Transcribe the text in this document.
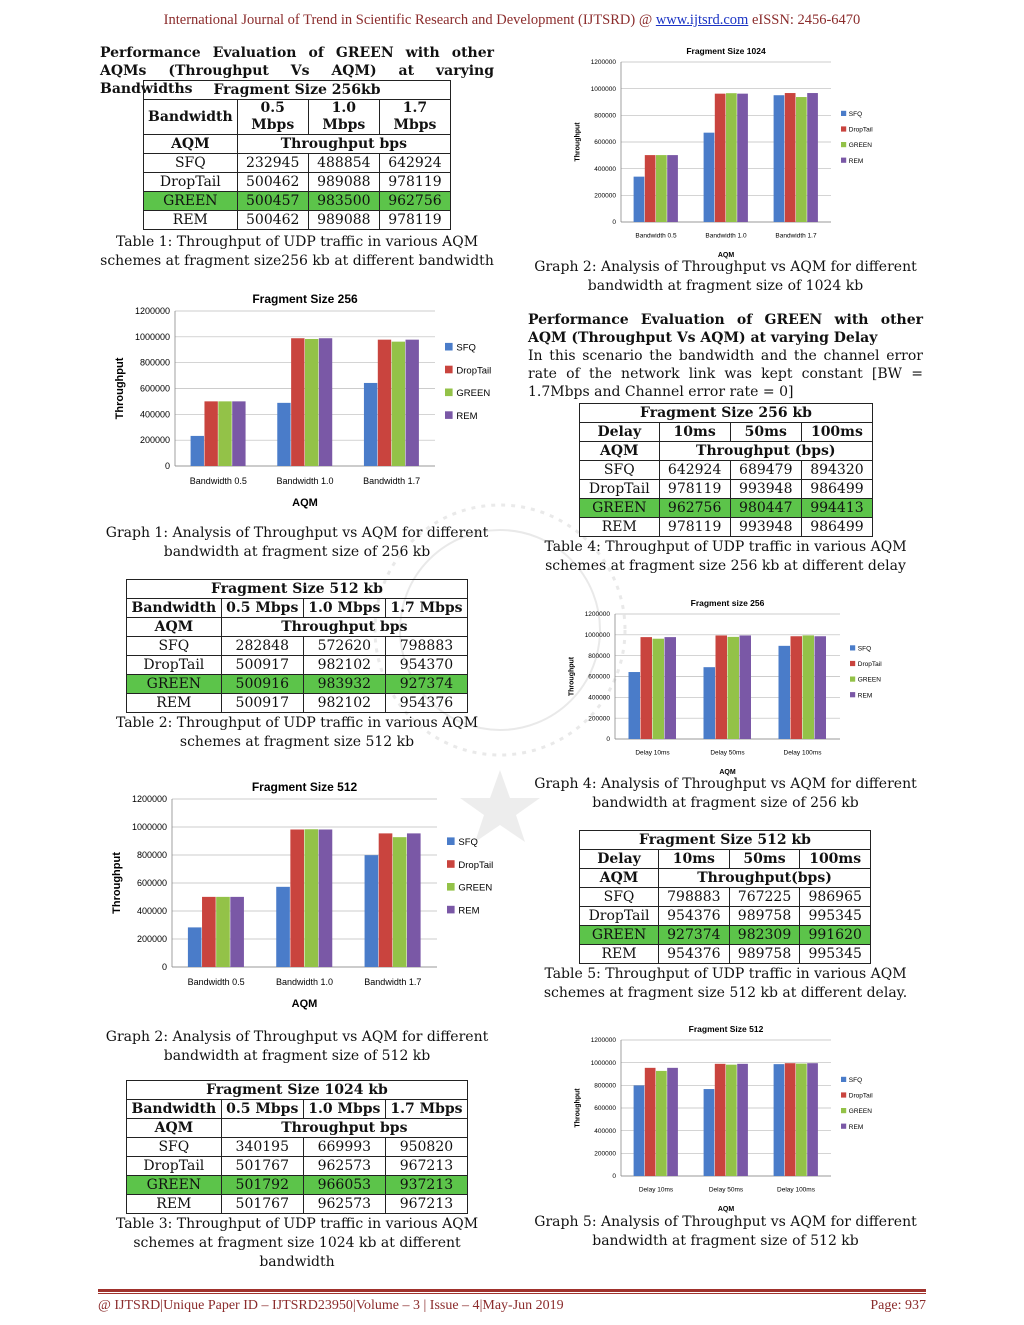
International Journal of Trend in Scientific Research and Development (IJTSRD) @ www.ijtsrd.com eISSN: 2456-6470
Performance Evaluation of GREEN with other AQMs (Throughput Vs AQM) at varying Bandwidths	Fragment Size 256kb			
Bandwidth	0.5 Mbps	1.0 Mbps	1.7 Mbps
AQM	Throughput bps		
SFQ	232945	488854	642924
DropTail	500462	989088	978119
GREEN	500457	983500	962756
REM	500462	989088	978119
Table 1: Throughput of UDP traffic in various AQM schemes at fragment size256 kb at different bandwidth
Fragment Size 256
0
200000
400000
600000
800000
1000000
1200000
Bandwidth 0.5	Bandwidth 1.0	Bandwidth 1.7
AQM
Throughput
SFQ
DropTail
GREEN
REM
Graph 1: Analysis of Throughput vs AQM for different bandwidth at fragment size of 256 kb
Fragment Size 512 kb			
Bandwidth	0.5 Mbps	1.0 Mbps	1.7 Mbps
AQM	Throughput bps		
SFQ	282848	572620	798883
DropTail	500917	982102	954370
GREEN	500916	983932	927374
REM	500917	982102	954376
Table 2: Throughput of UDP traffic in various AQM schemes at fragment size 512 kb
Fragment Size 512
0
200000
400000
600000
800000
1000000
1200000
Bandwidth 0.5	Bandwidth 1.0	Bandwidth 1.7
AQM
Throughput
SFQ
DropTail
GREEN
REM
Graph 2: Analysis of Throughput vs AQM for different bandwidth at fragment size of 512 kb
Fragment Size 1024 kb			
Bandwidth	0.5 Mbps	1.0 Mbps	1.7 Mbps
AQM	Throughput bps		
SFQ	340195	669993	950820
DropTail	501767	962573	967213
GREEN	501792	966053	937213
REM	501767	962573	967213
Table 3: Throughput of UDP traffic in various AQM schemes at fragment size 1024 kb at different bandwidth
Fragment Size 1024
0
200000
400000
600000
800000
1000000
1200000
Bandwidth 0.5	Bandwidth 1.0	Bandwidth 1.7
AQM
Throughput
SFQ
DropTail
GREEN
REM
Graph 2: Analysis of Throughput vs AQM for different bandwidth at fragment size of 1024 kb
Performance Evaluation of GREEN with other AQM (Throughput Vs AQM) at varying Delay
In this scenario the bandwidth and the channel error rate of the network link was kept constant [BW = 1.7Mbps and Channel error rate = 0]
Fragment Size 256 kb			
Delay	10ms	50ms	100ms
AQM	Throughput (bps)		
SFQ	642924	689479	894320
DropTail	978119	993948	986499
GREEN	962756	980447	994413
REM	978119	993948	986499
Table 4: Throughput of UDP traffic in various AQM schemes at fragment size 256 kb at different delay
Fragment size 256
0
200000
400000
600000
800000
1000000
1200000
Delay 10ms	Delay 50ms	Delay 100ms
AQM
Throughput
SFQ
DropTail
GREEN
REM
Graph 4: Analysis of Throughput vs AQM for different bandwidth at fragment size of 256 kb
Fragment Size 512 kb			
Delay	10ms	50ms	100ms
AQM	Throughput(bps)		
SFQ	798883	767225	986965
DropTail	954376	989758	995345
GREEN	927374	982309	991620
REM	954376	989758	995345
Table 5: Throughput of UDP traffic in various AQM schemes at fragment size 512 kb at different delay.
Fragment Size 512
0
200000
400000
600000
800000
1000000
1200000
Delay 10ms	Delay 50ms	Delay 100ms
AQM
Throughput
SFQ
DropTail
GREEN
REM
Graph 5: Analysis of Throughput vs AQM for different bandwidth at fragment size of 512 kb
@ IJTSRD | Unique Paper ID – IJTSRD23950 | Volume – 3 | Issue – 4 | May-Jun 2019	Page: 937
